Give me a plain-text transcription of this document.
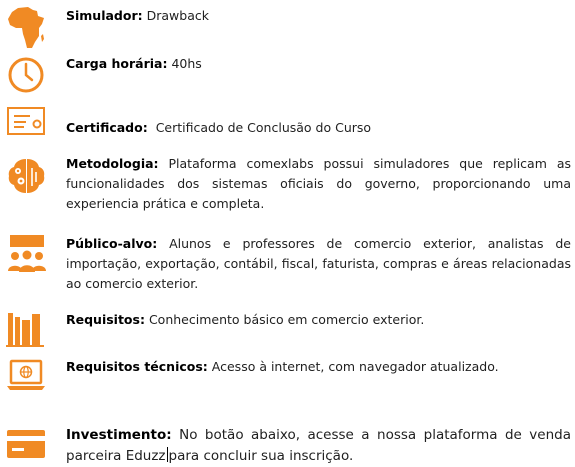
Simulador: Drawback
Carga horária: 40hs
Certificado: Certificado de Conclusão do Curso
Metodologia: Plataforma comexlabs possui simuladores que replicam as funcionalidades dos sistemas oficiais do governo, proporcionando uma experiencia prática e completa.
Público-alvo: Alunos e professores de comercio exterior, analistas de importação, exportação, contábil, fiscal, faturista, compras e áreas relacionadas ao comercio exterior.
Requisitos: Conhecimento básico em comercio exterior.
Requisitos técnicos: Acesso à internet, com navegador atualizado.
Investimento: No botão abaixo, acesse a nossa plataforma de venda parceira Eduzz para concluir sua inscrição.
